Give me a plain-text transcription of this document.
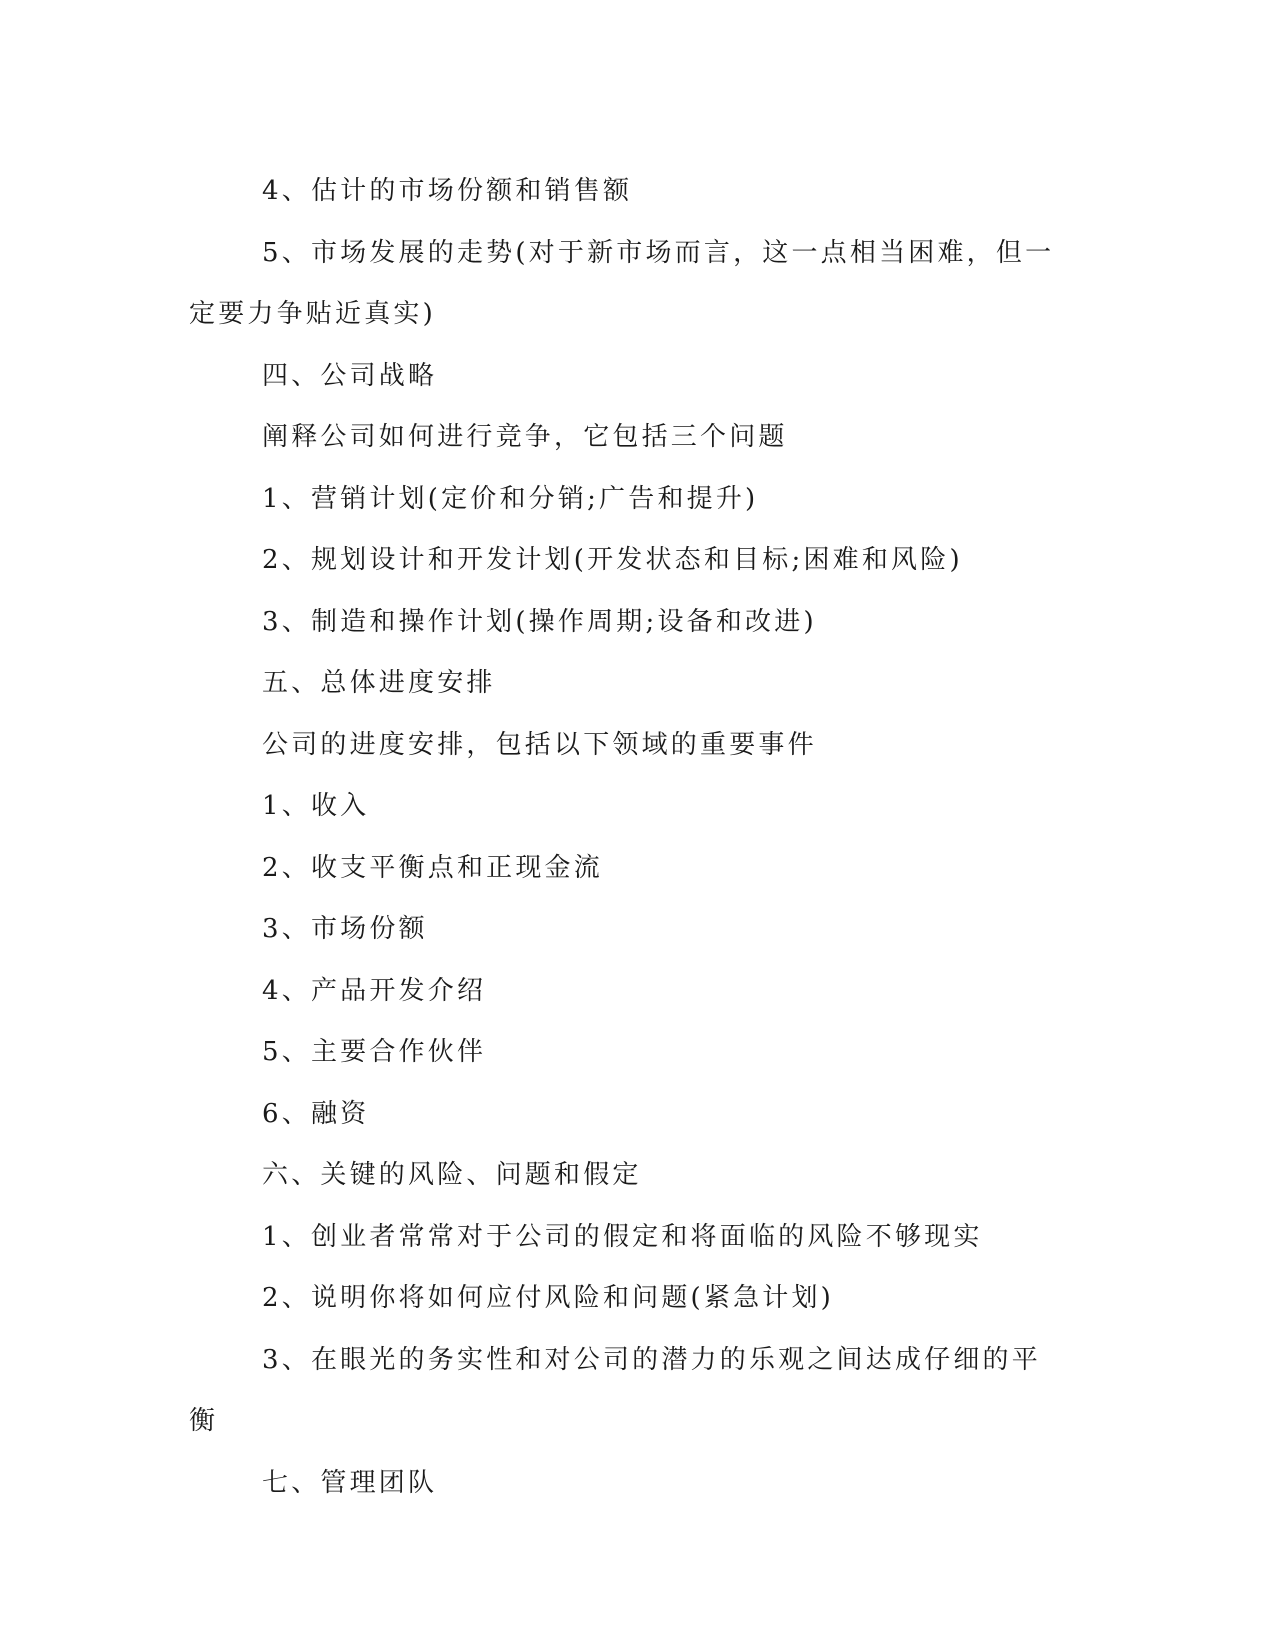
4、估计的市场份额和销售额

5、市场发展的走势(对于新市场而言，这一点相当困难，但一定要力争贴近真实)

四、公司战略

阐释公司如何进行竞争，它包括三个问题

1、营销计划(定价和分销;广告和提升)

2、规划设计和开发计划(开发状态和目标;困难和风险)

3、制造和操作计划(操作周期;设备和改进)

五、总体进度安排

公司的进度安排，包括以下领域的重要事件

1、收入

2、收支平衡点和正现金流

3、市场份额

4、产品开发介绍

5、主要合作伙伴

6、融资

六、关键的风险、问题和假定

1、创业者常常对于公司的假定和将面临的风险不够现实

2、说明你将如何应付风险和问题(紧急计划)

3、在眼光的务实性和对公司的潜力的乐观之间达成仔细的平衡

七、管理团队
